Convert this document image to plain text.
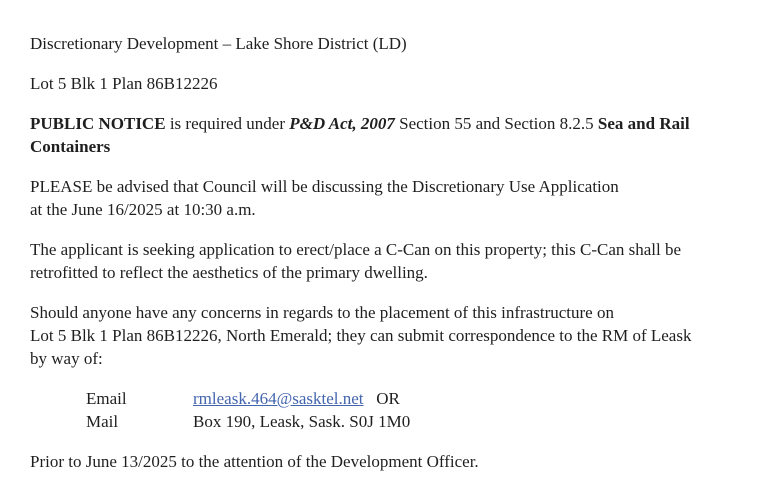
Discretionary Development – Lake Shore District (LD)
Lot 5 Blk 1 Plan 86B12226
PUBLIC NOTICE is required under P&D Act, 2007 Section 55 and Section 8.2.5 Sea and Rail
Containers
PLEASE be advised that Council will be discussing the Discretionary Use Application
at the June 16/2025 at 10:30 a.m.
The applicant is seeking application to erect/place a C-Can on this property; this C-Can shall be
retrofitted to reflect the aesthetics of the primary dwelling.
Should anyone have any concerns in regards to the placement of this infrastructure on
Lot 5 Blk 1 Plan 86B12226, North Emerald; they can submit correspondence to the RM of Leask
by way of:
Email	rmleask.464@sasktel.net   OR
Mail	Box 190, Leask, Sask. S0J 1M0
Prior to June 13/2025 to the attention of the Development Officer.
